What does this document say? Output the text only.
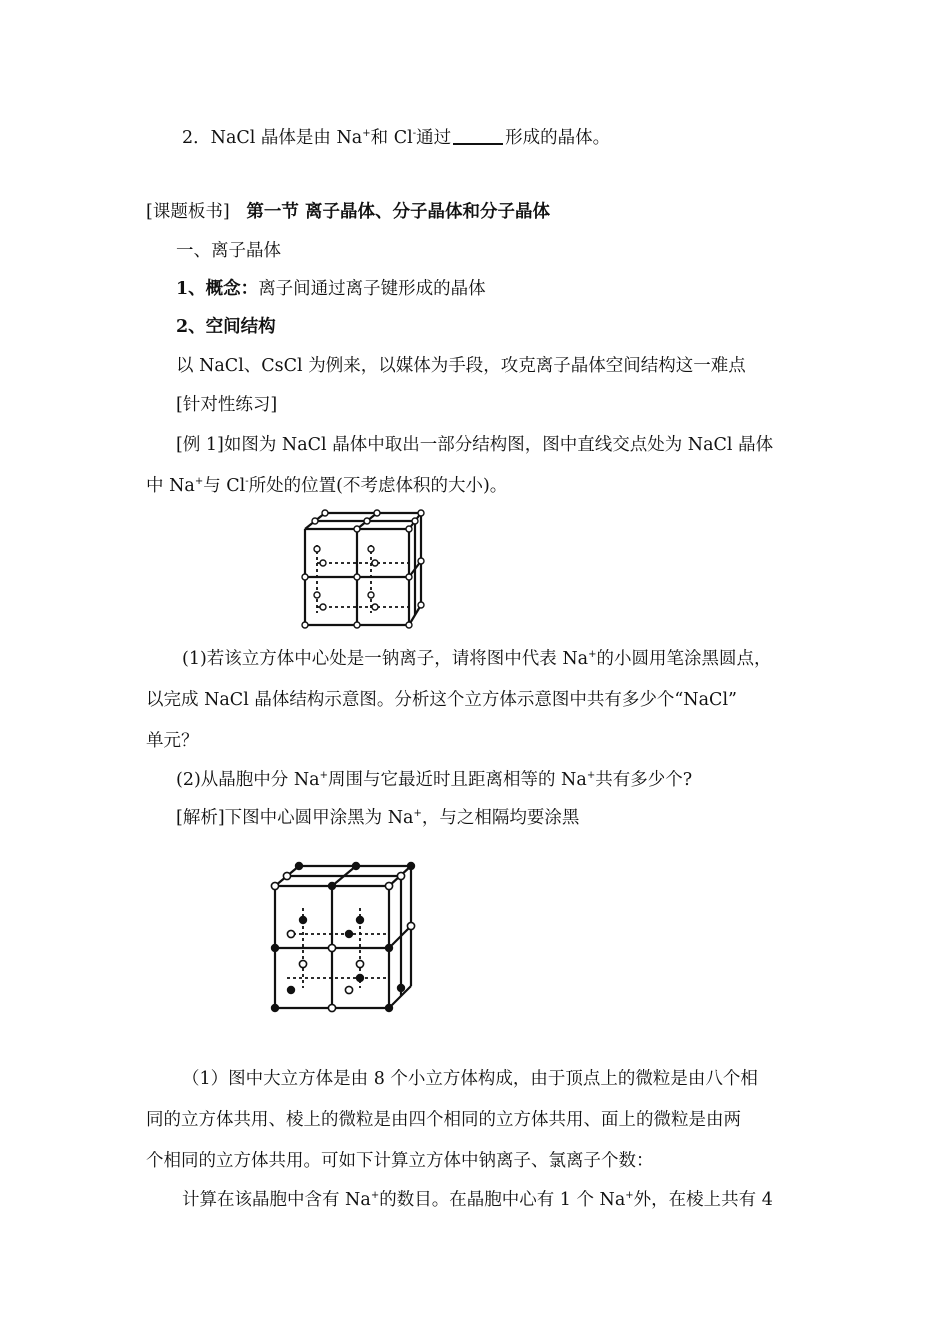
2．NaCl 晶体是由 Na+和 Cl-通过	形成的晶体。
[课题板书] 第一节 离子晶体、分子晶体和分子晶体
一、离子晶体
1、概念：离子间通过离子键形成的晶体
2、空间结构
以 NaCl、CsCl 为例来，以媒体为手段，攻克离子晶体空间结构这一难点
[针对性练习]
[例 1]如图为 NaCl 晶体中取出一部分结构图，图中直线交点处为 NaCl 晶体
中 Na+与 Cl-所处的位置(不考虑体积的大小)。
(1)若该立方体中心处是一钠离子，请将图中代表 Na+的小圆用笔涂黑圆点，
以完成 NaCl 晶体结构示意图。分析这个立方体示意图中共有多少个“NaCl”
单元？
(2)从晶胞中分 Na+周围与它最近时且距离相等的 Na+共有多少个?
[解析]下图中心圆甲涂黑为 Na+，与之相隔均要涂黑
（1）图中大立方体是由 8 个小立方体构成，由于顶点上的微粒是由八个相
同的立方体共用、棱上的微粒是由四个相同的立方体共用、面上的微粒是由两
个相同的立方体共用。可如下计算立方体中钠离子、氯离子个数：
计算在该晶胞中含有 Na+的数目。在晶胞中心有 1 个 Na+外，在棱上共有 4
